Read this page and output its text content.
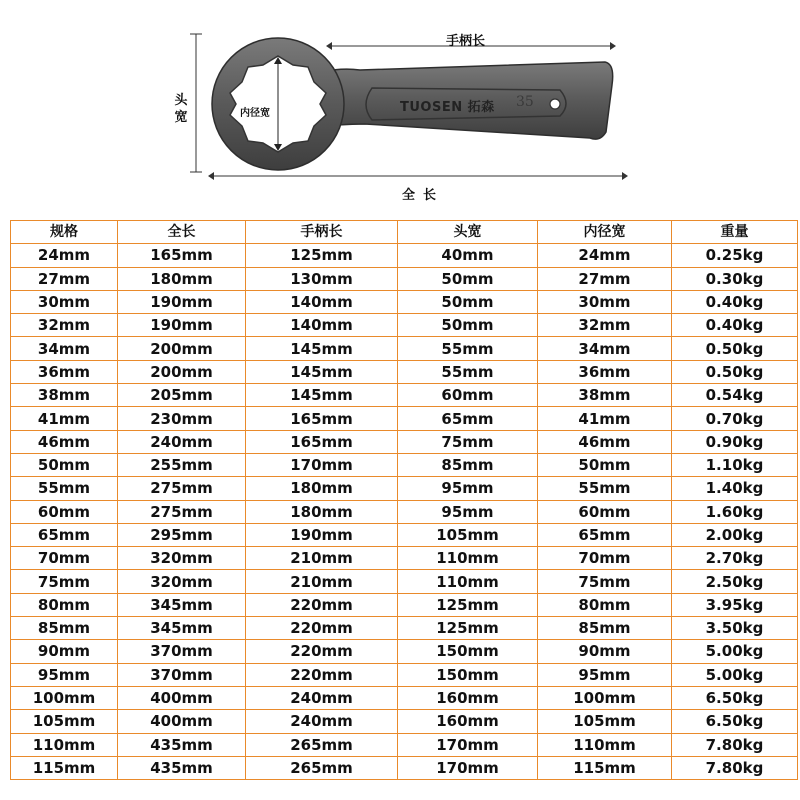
手柄长
头宽
全长
内径宽	TUOSEN 拓森 35
规格	全长	手柄长	头宽	内径宽	重量
24mm	165mm	125mm	40mm	24mm	0.25kg
27mm	180mm	130mm	50mm	27mm	0.30kg
30mm	190mm	140mm	50mm	30mm	0.40kg
32mm	190mm	140mm	50mm	32mm	0.40kg
34mm	200mm	145mm	55mm	34mm	0.50kg
36mm	200mm	145mm	55mm	36mm	0.50kg
38mm	205mm	145mm	60mm	38mm	0.54kg
41mm	230mm	165mm	65mm	41mm	0.70kg
46mm	240mm	165mm	75mm	46mm	0.90kg
50mm	255mm	170mm	85mm	50mm	1.10kg
55mm	275mm	180mm	95mm	55mm	1.40kg
60mm	275mm	180mm	95mm	60mm	1.60kg
65mm	295mm	190mm	105mm	65mm	2.00kg
70mm	320mm	210mm	110mm	70mm	2.70kg
75mm	320mm	210mm	110mm	75mm	2.50kg
80mm	345mm	220mm	125mm	80mm	3.95kg
85mm	345mm	220mm	125mm	85mm	3.50kg
90mm	370mm	220mm	150mm	90mm	5.00kg
95mm	370mm	220mm	150mm	95mm	5.00kg
100mm	400mm	240mm	160mm	100mm	6.50kg
105mm	400mm	240mm	160mm	105mm	6.50kg
110mm	435mm	265mm	170mm	110mm	7.80kg
115mm	435mm	265mm	170mm	115mm	7.80kg
